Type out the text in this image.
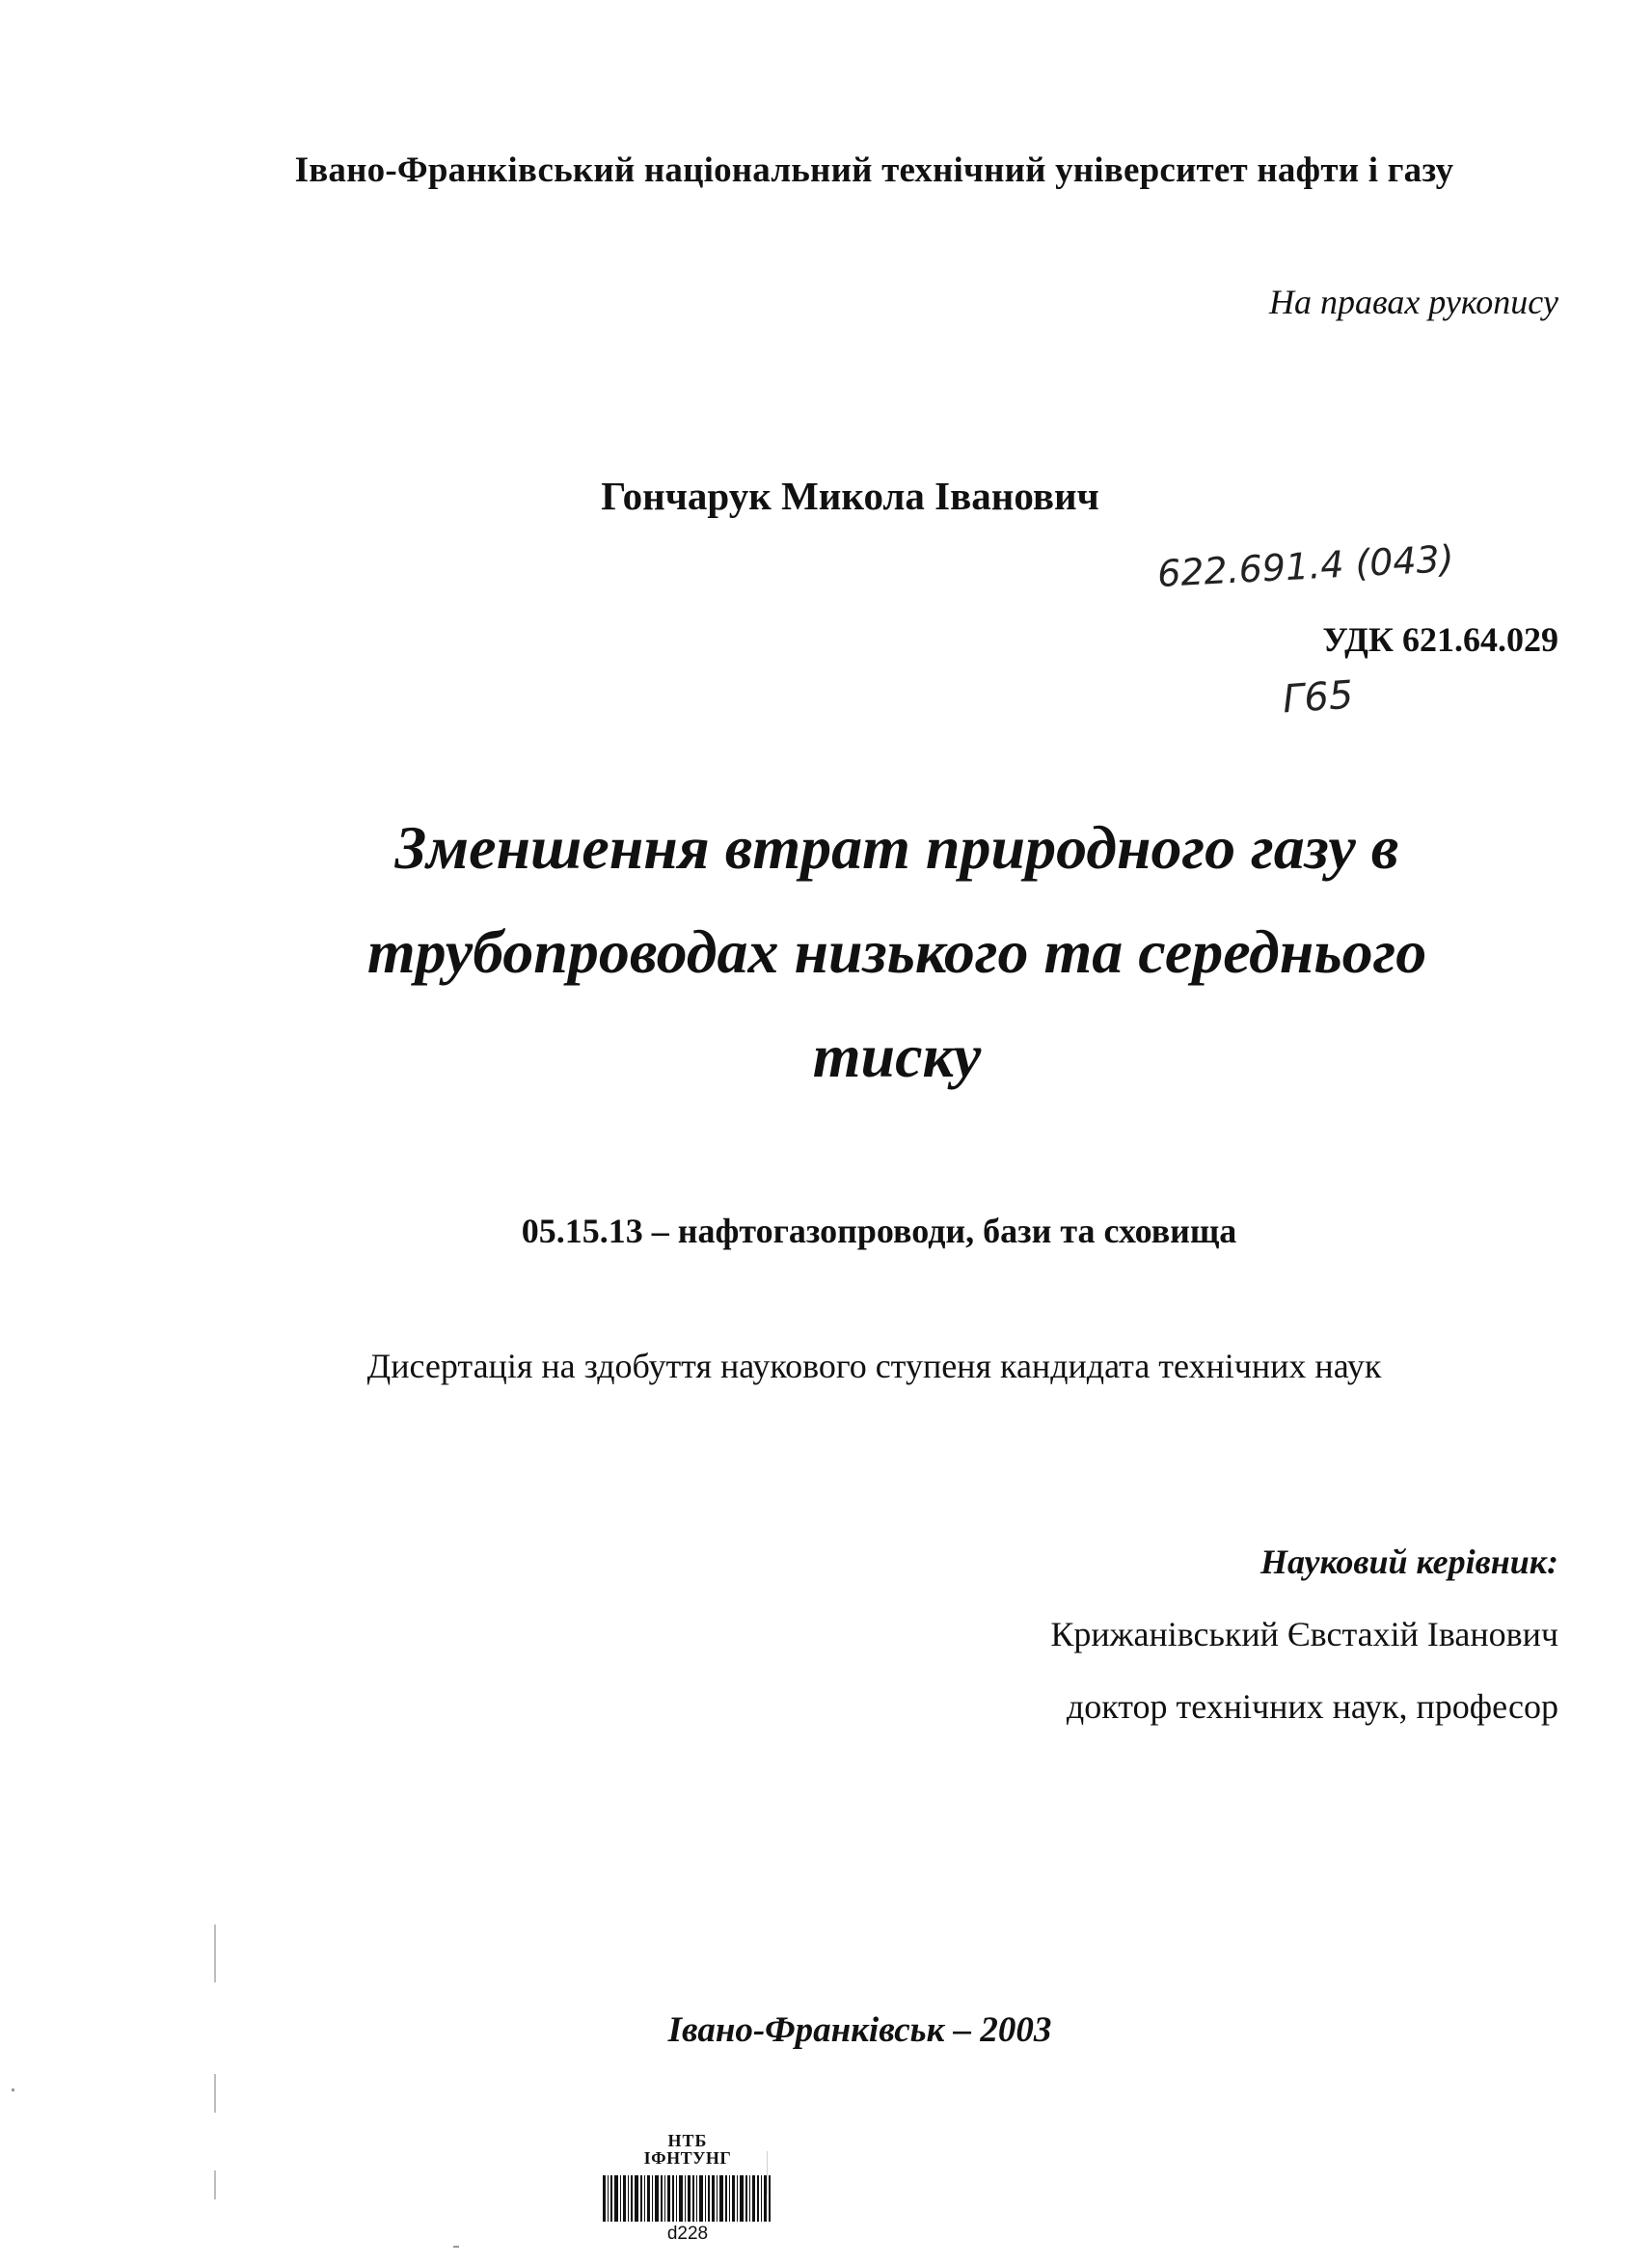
Івано-Франківський національний технічний університет нафти і газу
На правах рукопису
Гончарук Микола Іванович
622.691.4 (043)
УДК 621.64.029
Г65
Зменшення втрат природного газу в
трубопроводах низького та середнього
тиску
05.15.13 – нафтогазопроводи, бази та сховища
Дисертація на здобуття наукового ступеня кандидата технічних наук
Науковий керівник:
Крижанівський Євстахій Іванович
доктор технічних наук, професор
Івано-Франківськ – 2003
НТБ
ІФНТУНГ
d228
